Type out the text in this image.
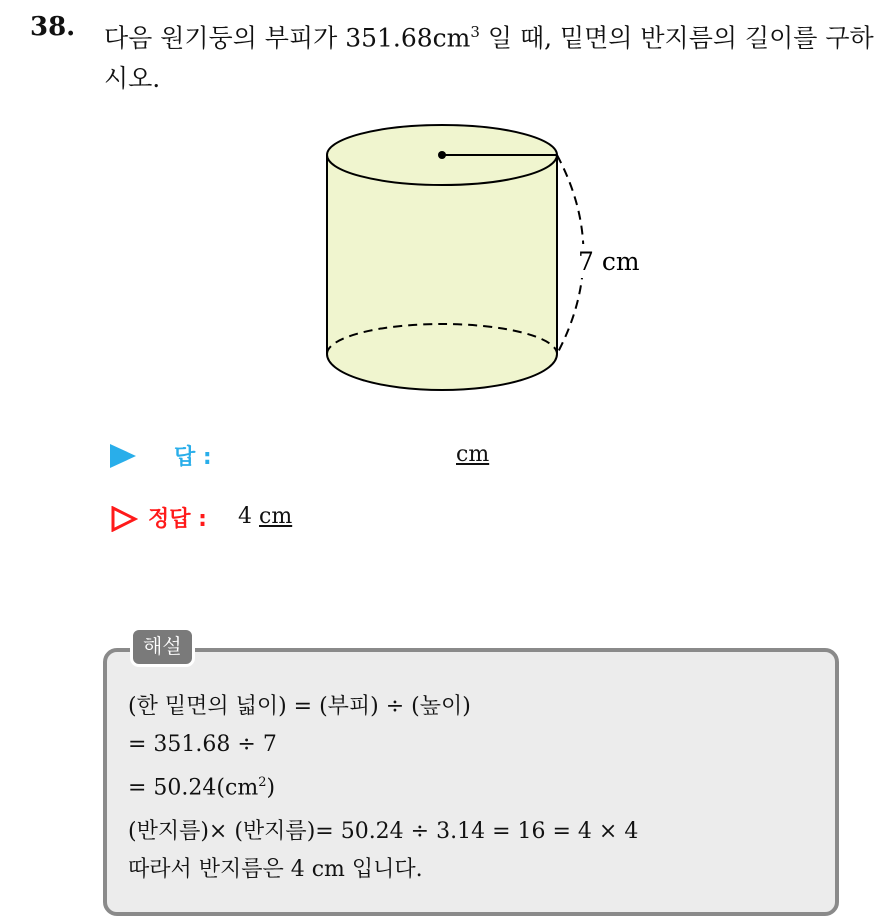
38. 다음 원기둥의 부피가 $351.68cm^3$ 일 때, 밑면의 반지름의 길이를 구하시오.
7 cm
답 :	cm
정답 : 4 cm
해설
(한 밑면의 넓이) = (부피) ÷ (높이)
= 351.68 ÷ 7
= $50.24(cm^2)$
(반지름)× (반지름)= 50.24 ÷ 3.14 = 16 = 4 × 4
따라서 반지름은 4 cm 입니다.
